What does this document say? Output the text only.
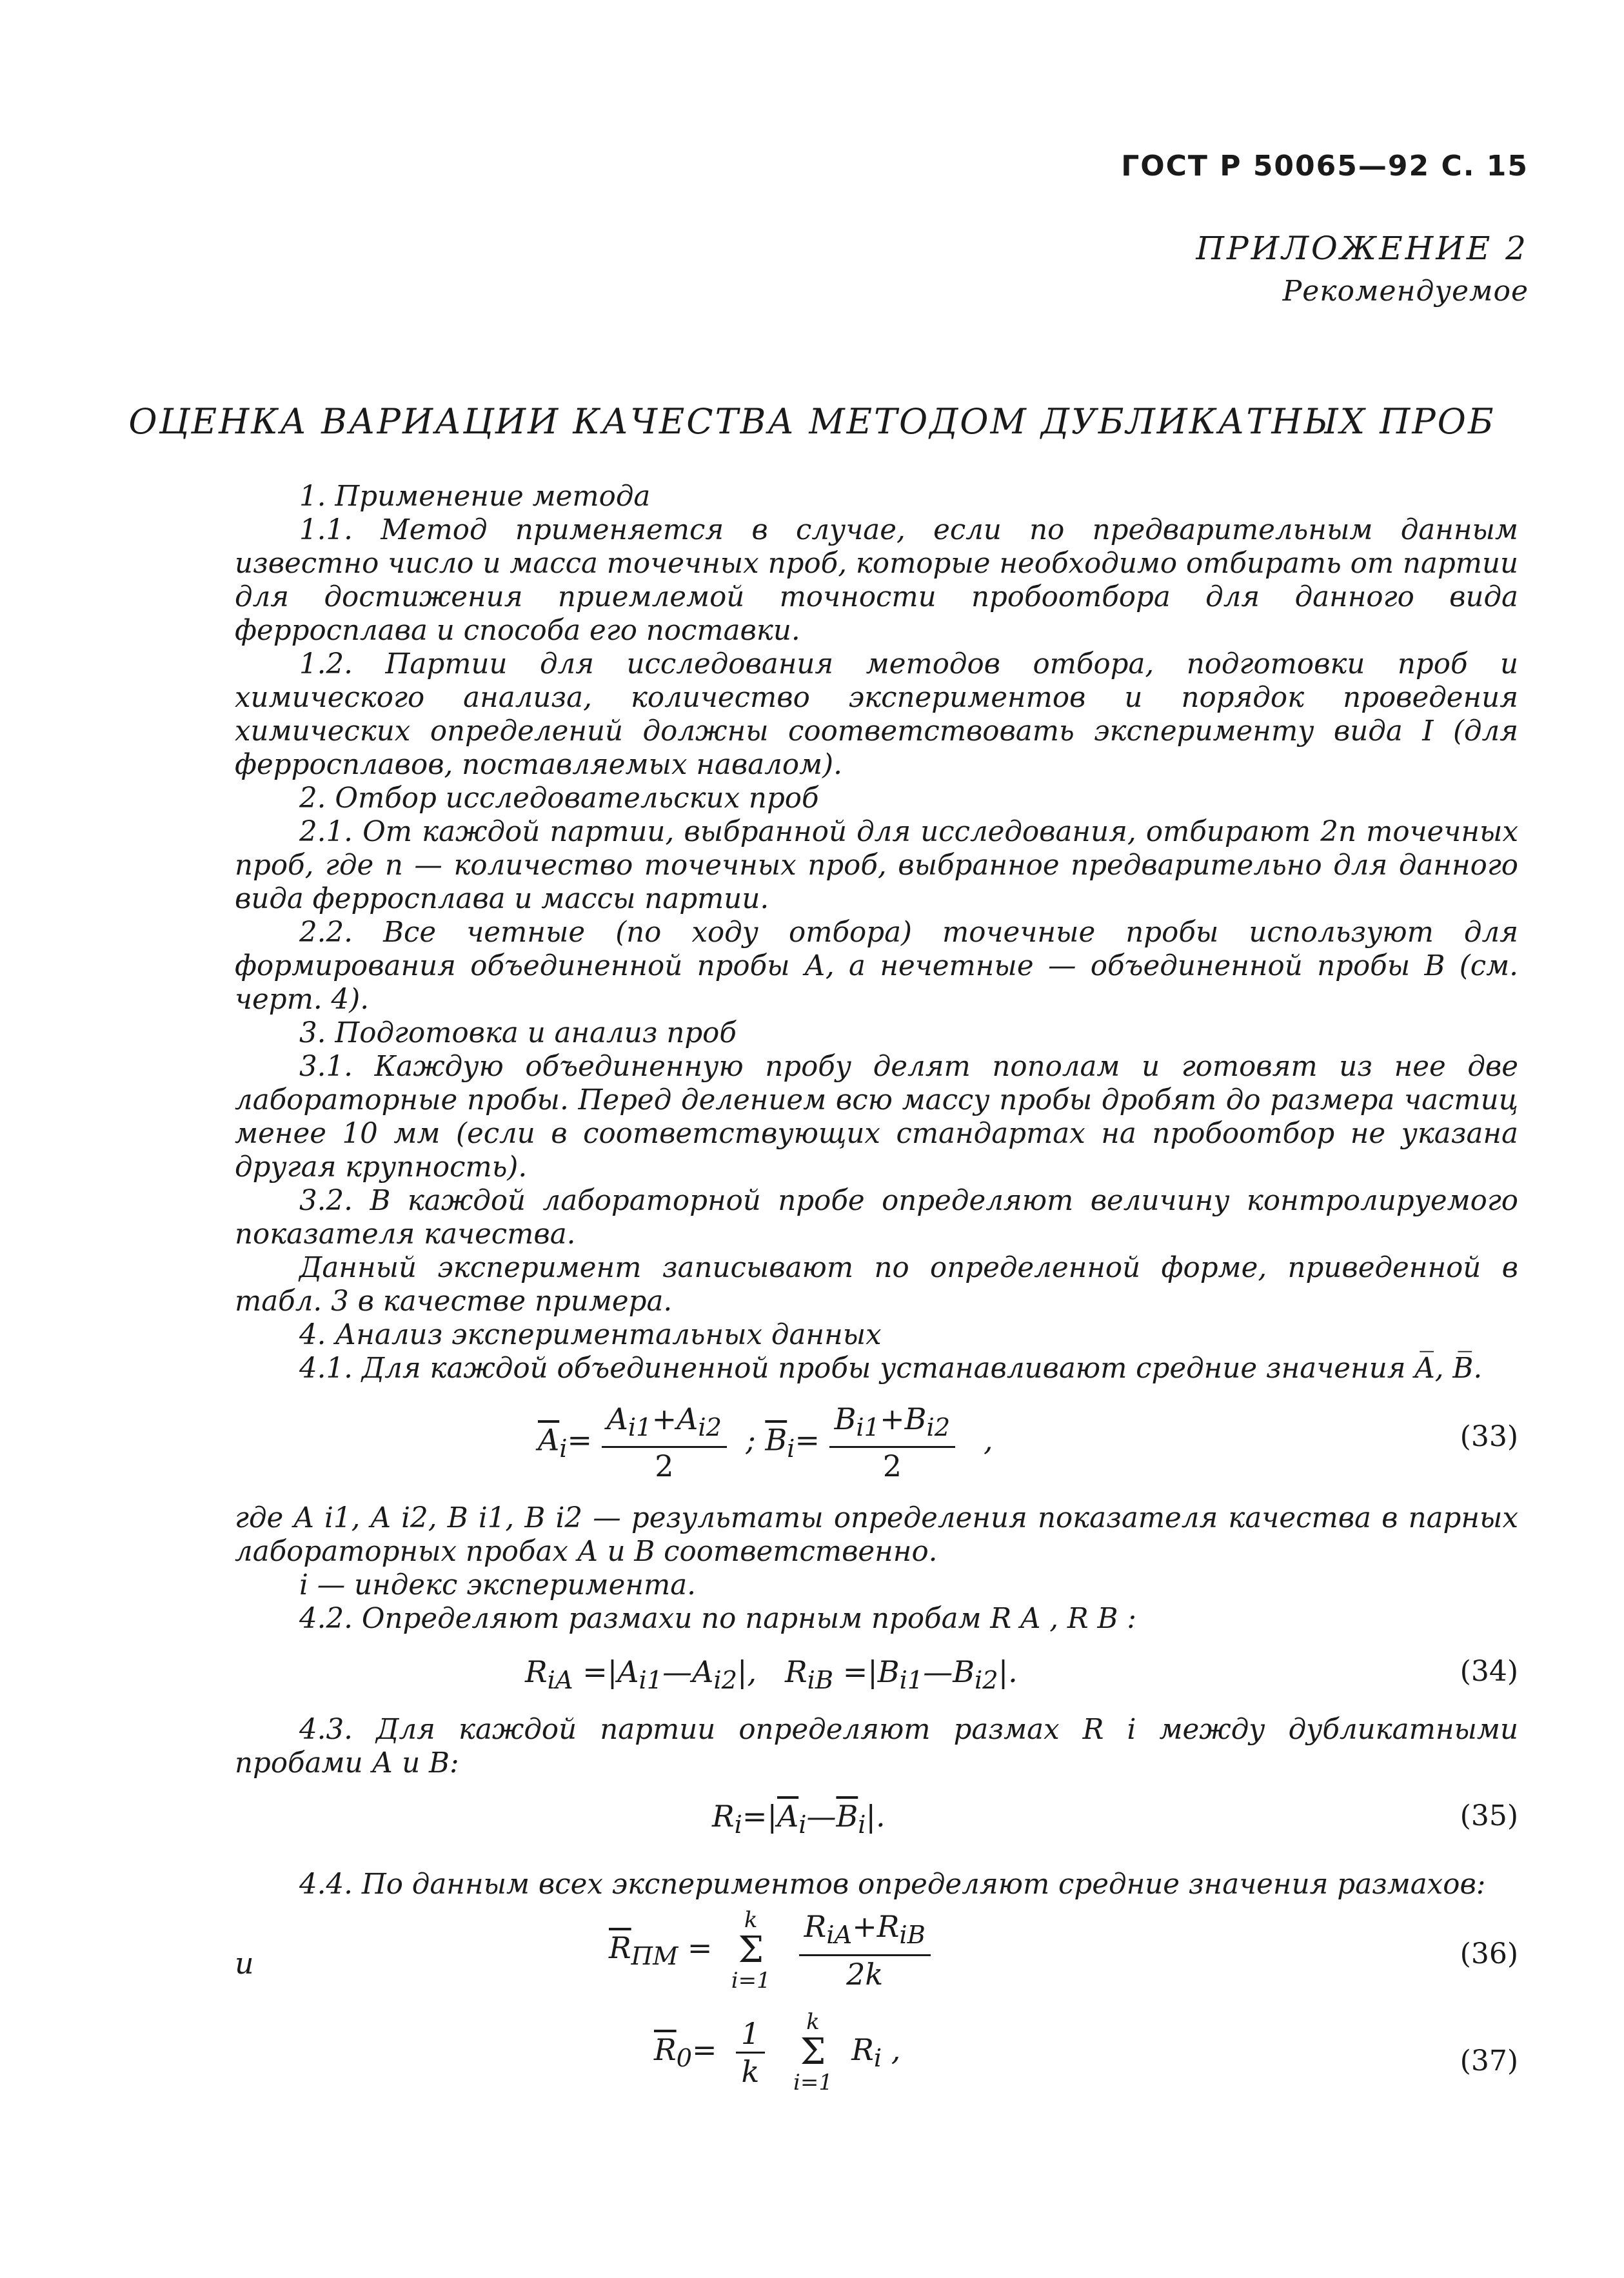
ГОСТ Р 50065—92 С. 15
ПРИЛОЖЕНИЕ 2
Рекомендуемое
ОЦЕНКА ВАРИАЦИИ КАЧЕСТВА МЕТОДОМ ДУБЛИКАТНЫХ ПРОБ

1. Применение метода

1.1. Метод применяется в случае, если по предварительным данным известно число и масса точечных проб, которые необходимо отбирать от партии для достижения приемлемой точности пробоотбора для данного вида ферросплава и способа его поставки.

1.2. Партии для исследования методов отбора, подготовки проб и химического анализа, количество экспериментов и порядок проведения химических определений должны соответствовать эксперименту вида I (для ферросплавов, поставляемых навалом).

2. Отбор исследовательских проб

2.1. От каждой партии, выбранной для исследования, отбирают 2n точечных проб, где n — количество точечных проб, выбранное предварительно для данного вида ферросплава и массы партии.

2.2. Все четные (по ходу отбора) точечные пробы используют для формирования объединенной пробы А, а нечетные — объединенной пробы В (см. черт. 4).

3. Подготовка и анализ проб

3.1. Каждую объединенную пробу делят пополам и готовят из нее две лабораторные пробы. Перед делением всю массу пробы дробят до размера частиц менее 10 мм (если в соответствующих стандартах на пробоотбор не указана другая крупность).

3.2. В каждой лабораторной пробе определяют величину контролируемого показателя качества.

Данный эксперимент записывают по определенной форме, приведенной в табл. 3 в качестве примера.

4. Анализ экспериментальных данных

4.1. Для каждой объединенной пробы устанавливают средние значения A̅, B̅.

$\overline{A}_i= \frac{A_{i1}+A_{i2}}{2}$ ; $\overline{B}_i= \frac{B_{i1}+B_{i2}}{2}$ ,	(33)

где A i1, A i2, B i1, B i2 — результаты определения показателя качества в парных лабораторных пробах А и В соответственно.

i — индекс эксперимента.

4.2. Определяют размахи по парным пробам R A , R B :

$R_{iA}$ $=|A_{i1}—A_{i2}|$,   $R_{iB}$ $=|B_{i1}—B_{i2}|$.	(34)

4.3. Для каждой партии определяют размах R i между дубликатными пробами А и В:

$R_i=|\overline{A}_i—\overline{B}_i|$.	(35)

4.4. По данным всех экспериментов определяют средние значения размахов:

и	$\overline{R}_{ПМ}$ =
k
Σ
i=1
$\frac{R_{iA}+R_{iB}}{2k}$	(36)
$\overline{R}_0= \frac{1}{k}$
	k
Σ
i=1
$R_i$ ,	(37)
